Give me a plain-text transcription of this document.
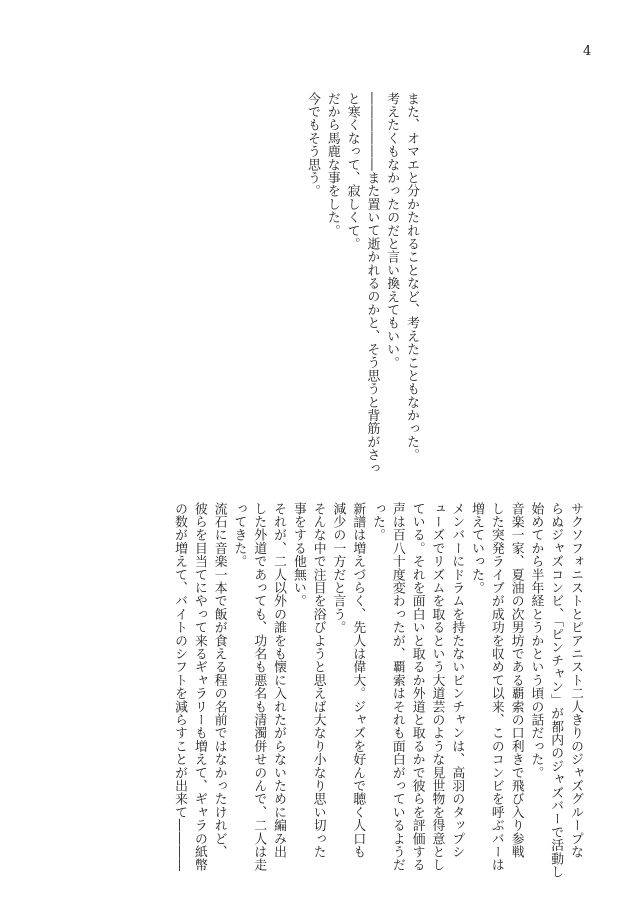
4
また、オマエと分かたれることなど、考えたこともなかった。
考えたくもなかったのだと言い換えてもいい。
――――――また置いて逝かれるのかと、そう思うと背筋がさっ
と寒くなって、寂しくて。
だから馬鹿な事をした。
今でもそう思う。
サクソフォニストとピアニスト二人きりのジャズグループな
らぬジャズコンビ、「ピンチャン」が都内のジャズバーで活動し
始めてから半年経とうかという頃の話だった。
音楽一家、夏油の次男坊である覇索の口利きで飛び入り参戦
した突発ライブが成功を収めて以来、このコンビを呼ぶバーは
増えていった。
メンバーにドラムを持たないピンチャンは、高羽のタップシ
ューズでリズムを取るという大道芸のような見世物を得意とし
ている。それを面白いと取るか外道と取るかで彼らを評価する
声は百八十度変わったが、覇索はそれも面白がっているようだ
った。
新譜は増えづらく、先人は偉大。ジャズを好んで聴く人口も
減少の一方だと言う。
そんな中で注目を浴びようと思えば大なり小なり思い切った
事をする他無い。
それが、二人以外の誰をも懐に入れたがらないために編み出
した外道であっても、功名も悪名も清濁併せのんで、二人は走
ってきた。
流石に音楽一本で飯が食える程の名前ではなかったけれど、
彼らを目当てにやって来るギャラリーも増えて、ギャラの紙幣
の数が増えて、バイトのシフトを減らすことが出来て――――
